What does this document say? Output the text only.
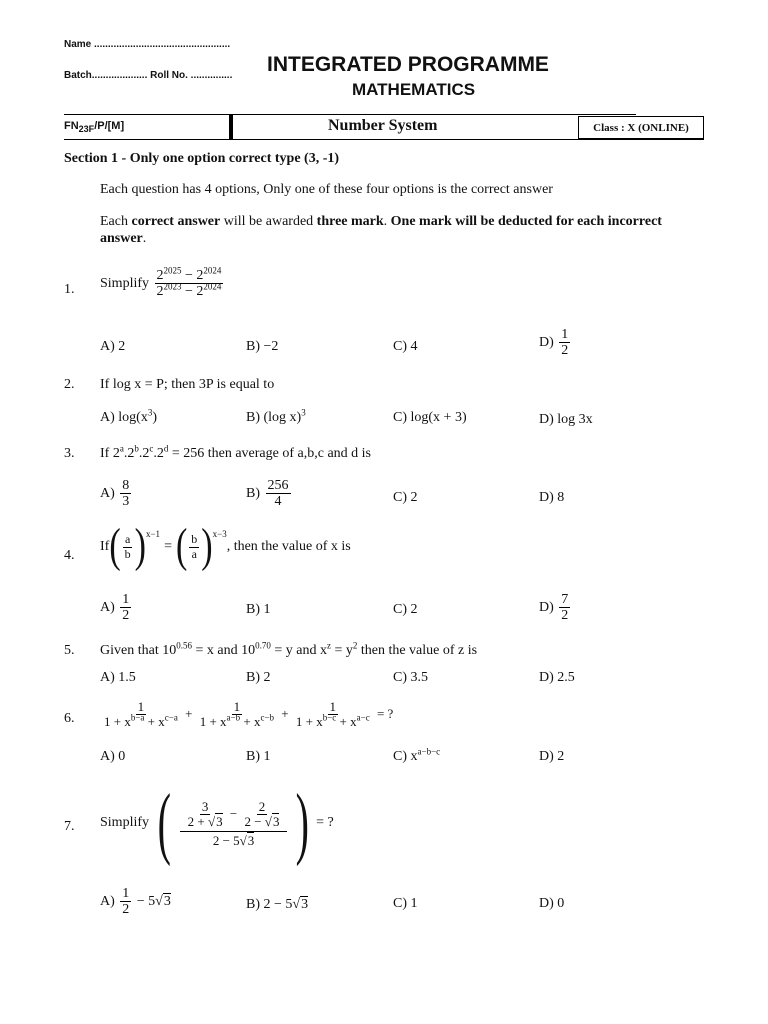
Name .................................................
Batch.................... Roll No. ............... INTEGRATED PROGRAMME
MATHEMATICS
$FN_{23F}/P/[M]$	Number System	Class : X (ONLINE)
Section 1 - Only one option correct type (3, -1)
Each question has 4 options, Only one of these four options is the correct answer
Each correct answer will be awarded three mark. One mark will be deducted for each incorrect answer.
1. Simplify $\frac{2^{2025} - 2^{2024}}{2^{2023} - 2^{2024}}$
A) 2	B) −2	C) 4	$D) \frac{1}{2}$
2. If log x = P; then 3P is equal to
A) $\log(x^3)$	B) (log x)$^3$	C) log(x + 3)	D) log 3x
3. If $2^a.2^b.2^c.2^d = 256$ then average of a,b,c and d is
$A) \frac{8}{3}$	$B) \frac{256}{4}$	C) 2	D) 8
4.
If ( $\frac{a}{b}$ ) x−1
= ( $\frac{b}{a}$ ) x−3
, then the value of x is
$A) \frac{1}{2}$	B) 1	C) 2	$D) \frac{7}{2}$
5. Given that $10^{0.56} = x$ and $10^{0.70} = y$ and $x^z = y^2$ then the value of z is
A) 1.5	B) 2	C) 3.5	D) 2.5
6. $\frac{1}{1 + x^{b-a} + x^{c-a}} + \frac{1}{1 + x^{a-b} + x^{c-b}} + \frac{1}{1 + x^{b-c} + x^{a-c}}$ = ?
A) 0	B) 1	C) $x^{a-b-c}$	D) 2
7. Simplify ( $\frac{\frac{3}{2 + √3} - \frac{2}{2 - √3}}{2 - 5√3}$ ) = ?
$A) \frac{1}{2} - 5√3$	B) 2 − 5√3	C) 1	D) 0
